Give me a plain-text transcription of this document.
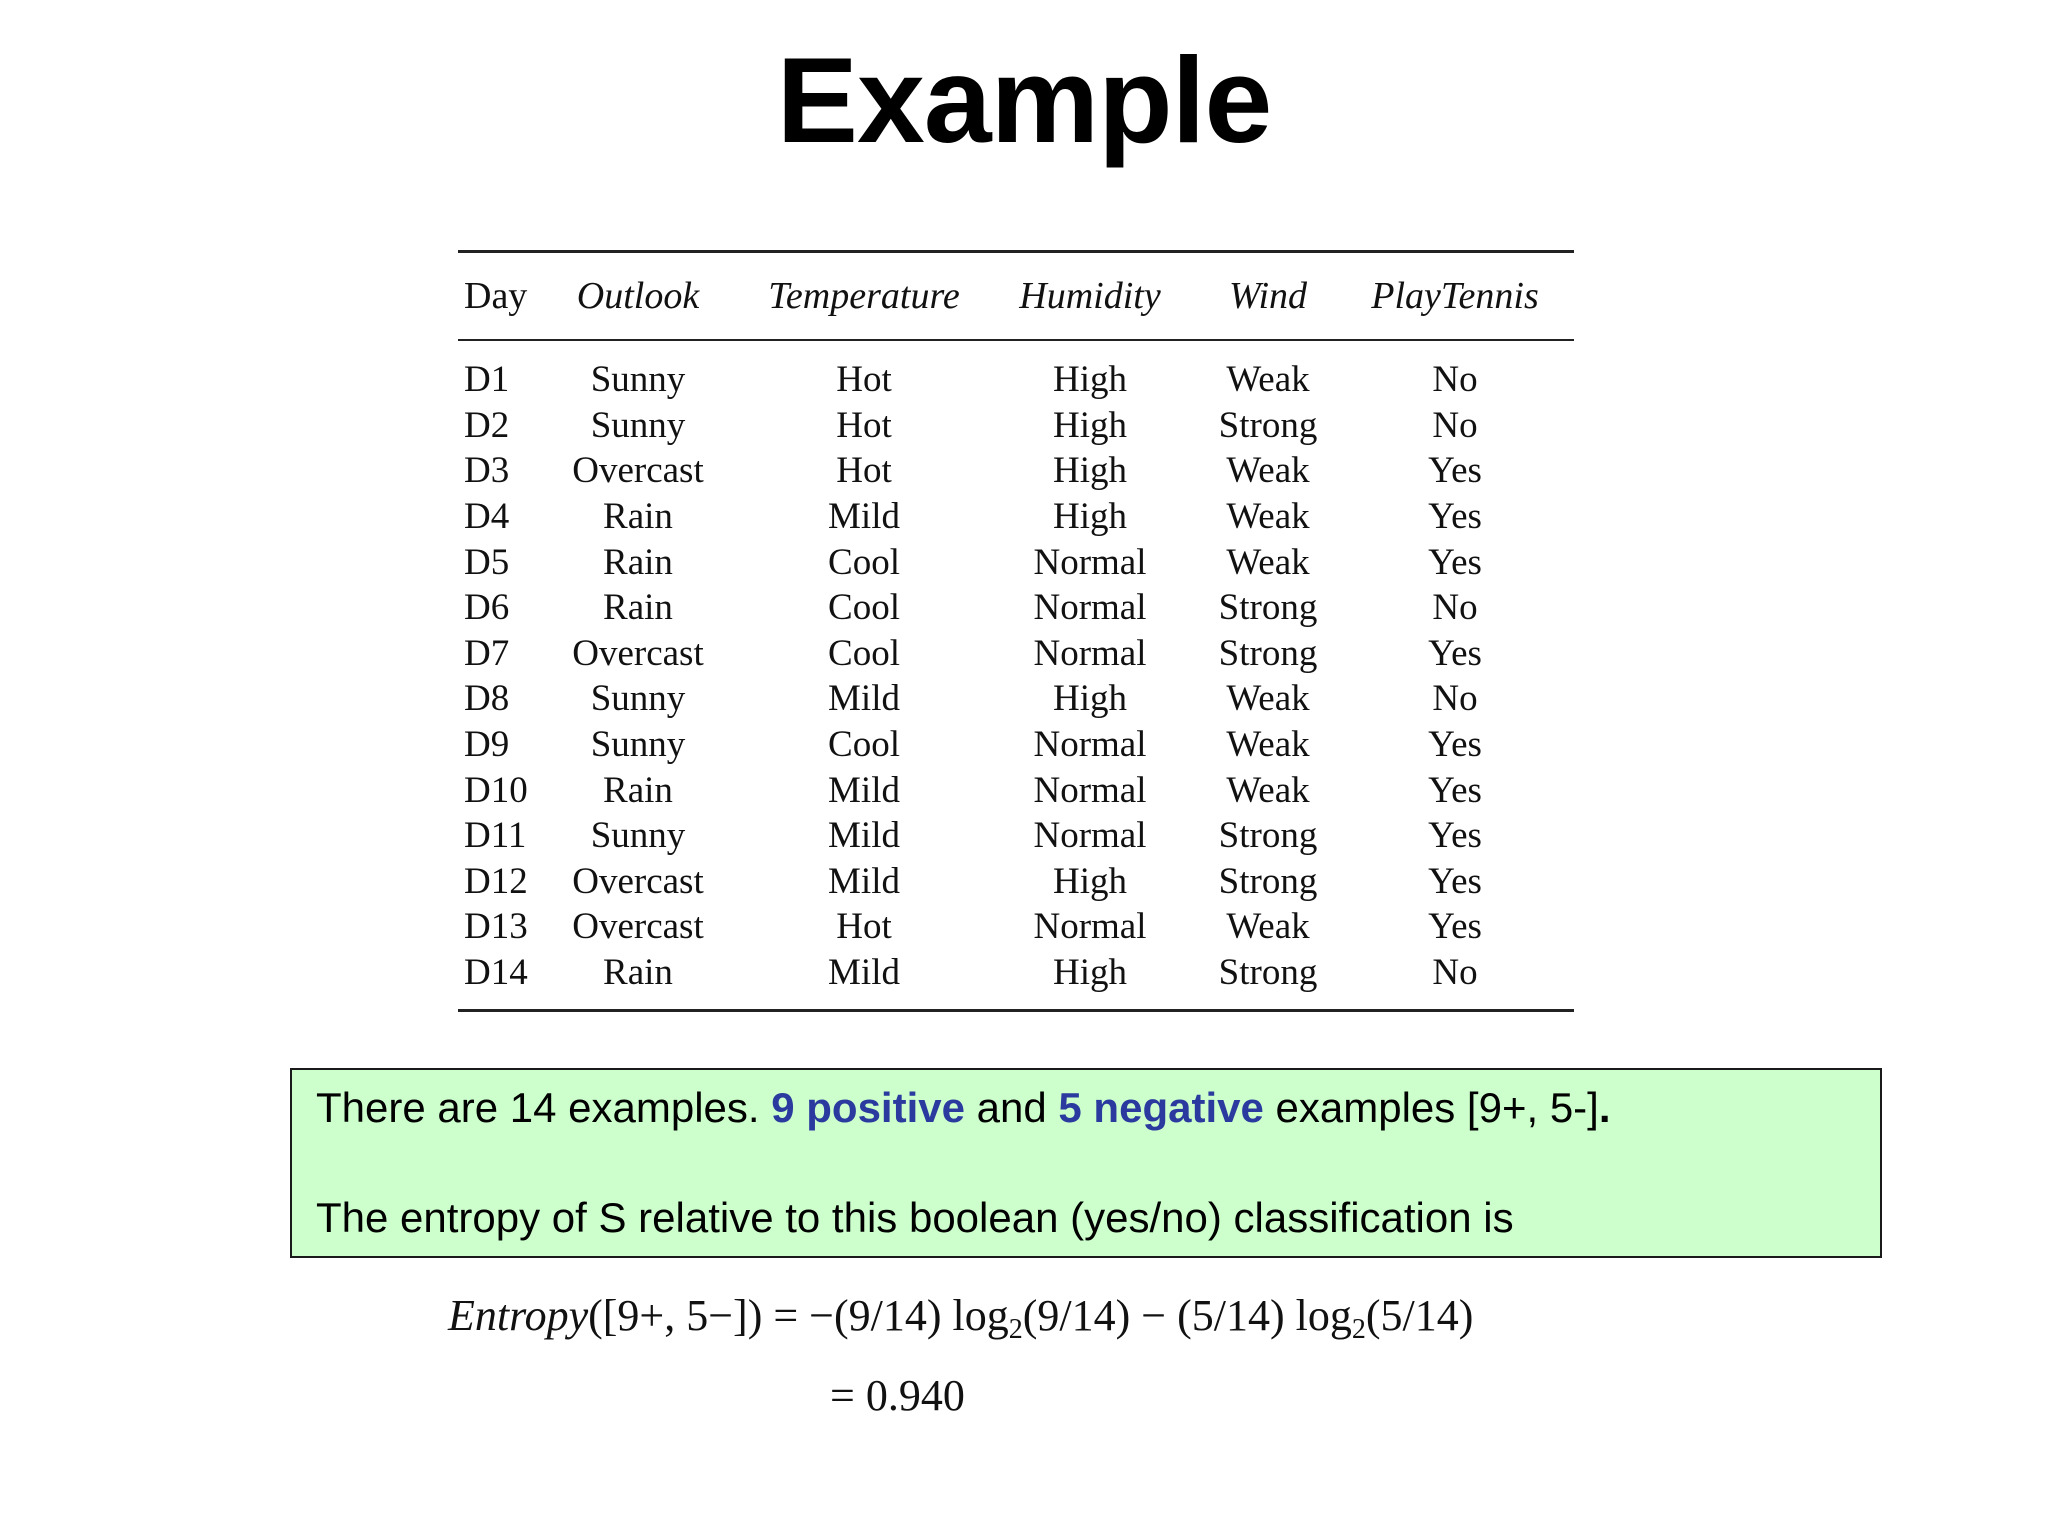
Example
Day	Outlook	Temperature	Humidity	Wind	PlayTennis
D1	Sunny	Hot	High	Weak	No
D2	Sunny	Hot	High	Strong	No
D3	Overcast	Hot	High	Weak	Yes
D4	Rain	Mild	High	Weak	Yes
D5	Rain	Cool	Normal	Weak	Yes
D6	Rain	Cool	Normal	Strong	No
D7	Overcast	Cool	Normal	Strong	Yes
D8	Sunny	Mild	High	Weak	No
D9	Sunny	Cool	Normal	Weak	Yes
D10	Rain	Mild	Normal	Weak	Yes
D11	Sunny	Mild	Normal	Strong	Yes
D12	Overcast	Mild	High	Strong	Yes
D13	Overcast	Hot	Normal	Weak	Yes
D14	Rain	Mild	High	Strong	No
There are 14 examples. 9 positive and 5 negative examples [9+, 5-].
The entropy of S relative to this boolean (yes/no) classification is
Entropy([9+, 5−]) = −(9/14) $\log_2(9/14) - (5/14)$ $\log_2(5/14)$
= 0.940
